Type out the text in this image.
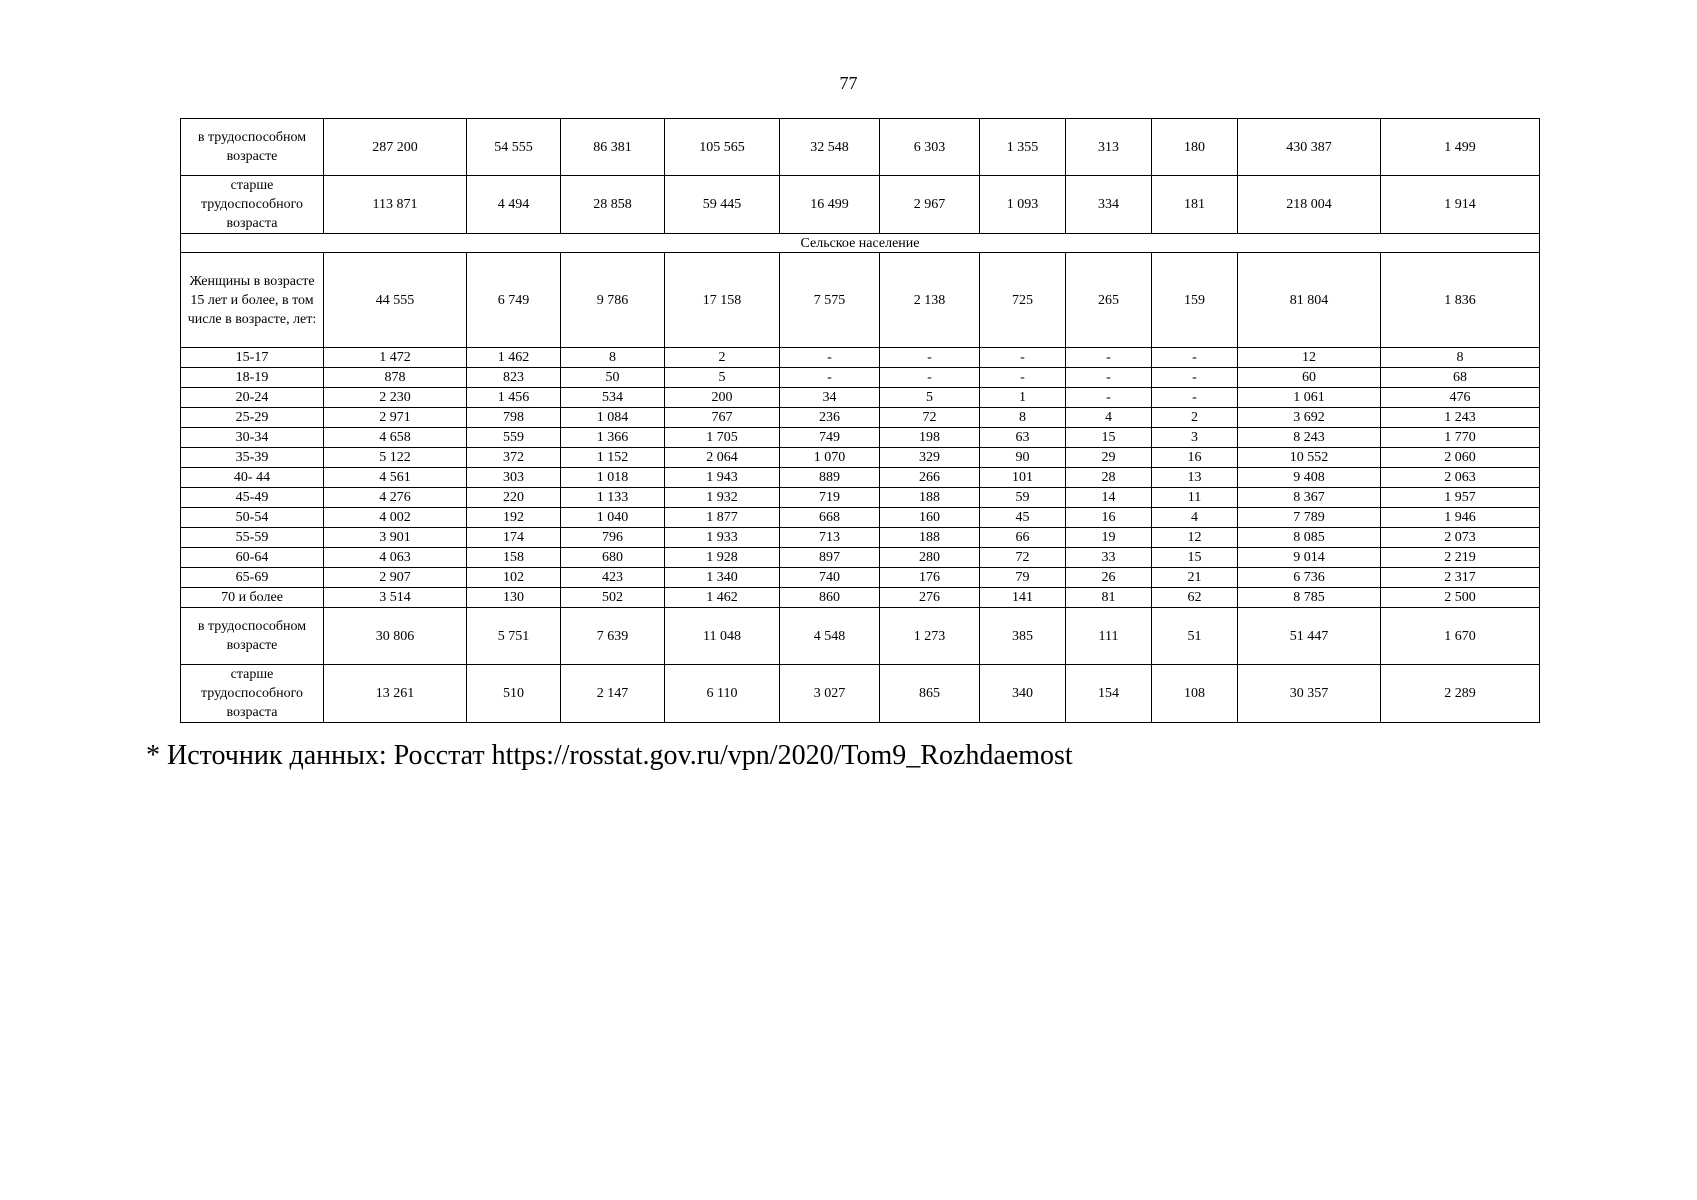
77
в трудоспособном возрасте	287 200	54 555	86 381	105 565	32 548	6 303	1 355	313	180	430 387	1 499
старше трудоспособного возраста	113 871	4 494	28 858	59 445	16 499	2 967	1 093	334	181	218 004	1 914
Сельское население											
Женщины в возрасте 15 лет и более, в том числе в возрасте, лет:	44 555	6 749	9 786	17 158	7 575	2 138	725	265	159	81 804	1 836
15-17	1 472	1 462	8	2	-	-	-	-	-	12	8
18-19	878	823	50	5	-	-	-	-	-	60	68
20-24	2 230	1 456	534	200	34	5	1	-	-	1 061	476
25-29	2 971	798	1 084	767	236	72	8	4	2	3 692	1 243
30-34	4 658	559	1 366	1 705	749	198	63	15	3	8 243	1 770
35-39	5 122	372	1 152	2 064	1 070	329	90	29	16	10 552	2 060
40- 44	4 561	303	1 018	1 943	889	266	101	28	13	9 408	2 063
45-49	4 276	220	1 133	1 932	719	188	59	14	11	8 367	1 957
50-54	4 002	192	1 040	1 877	668	160	45	16	4	7 789	1 946
55-59	3 901	174	796	1 933	713	188	66	19	12	8 085	2 073
60-64	4 063	158	680	1 928	897	280	72	33	15	9 014	2 219
65-69	2 907	102	423	1 340	740	176	79	26	21	6 736	2 317
70 и более	3 514	130	502	1 462	860	276	141	81	62	8 785	2 500
в трудоспособном возрасте	30 806	5 751	7 639	11 048	4 548	1 273	385	111	51	51 447	1 670
старше трудоспособного возраста	13 261	510	2 147	6 110	3 027	865	340	154	108	30 357	2 289
* Источник данных: Росстат https://rosstat.gov.ru/vpn/2020/Tom9_Rozhdaemost
